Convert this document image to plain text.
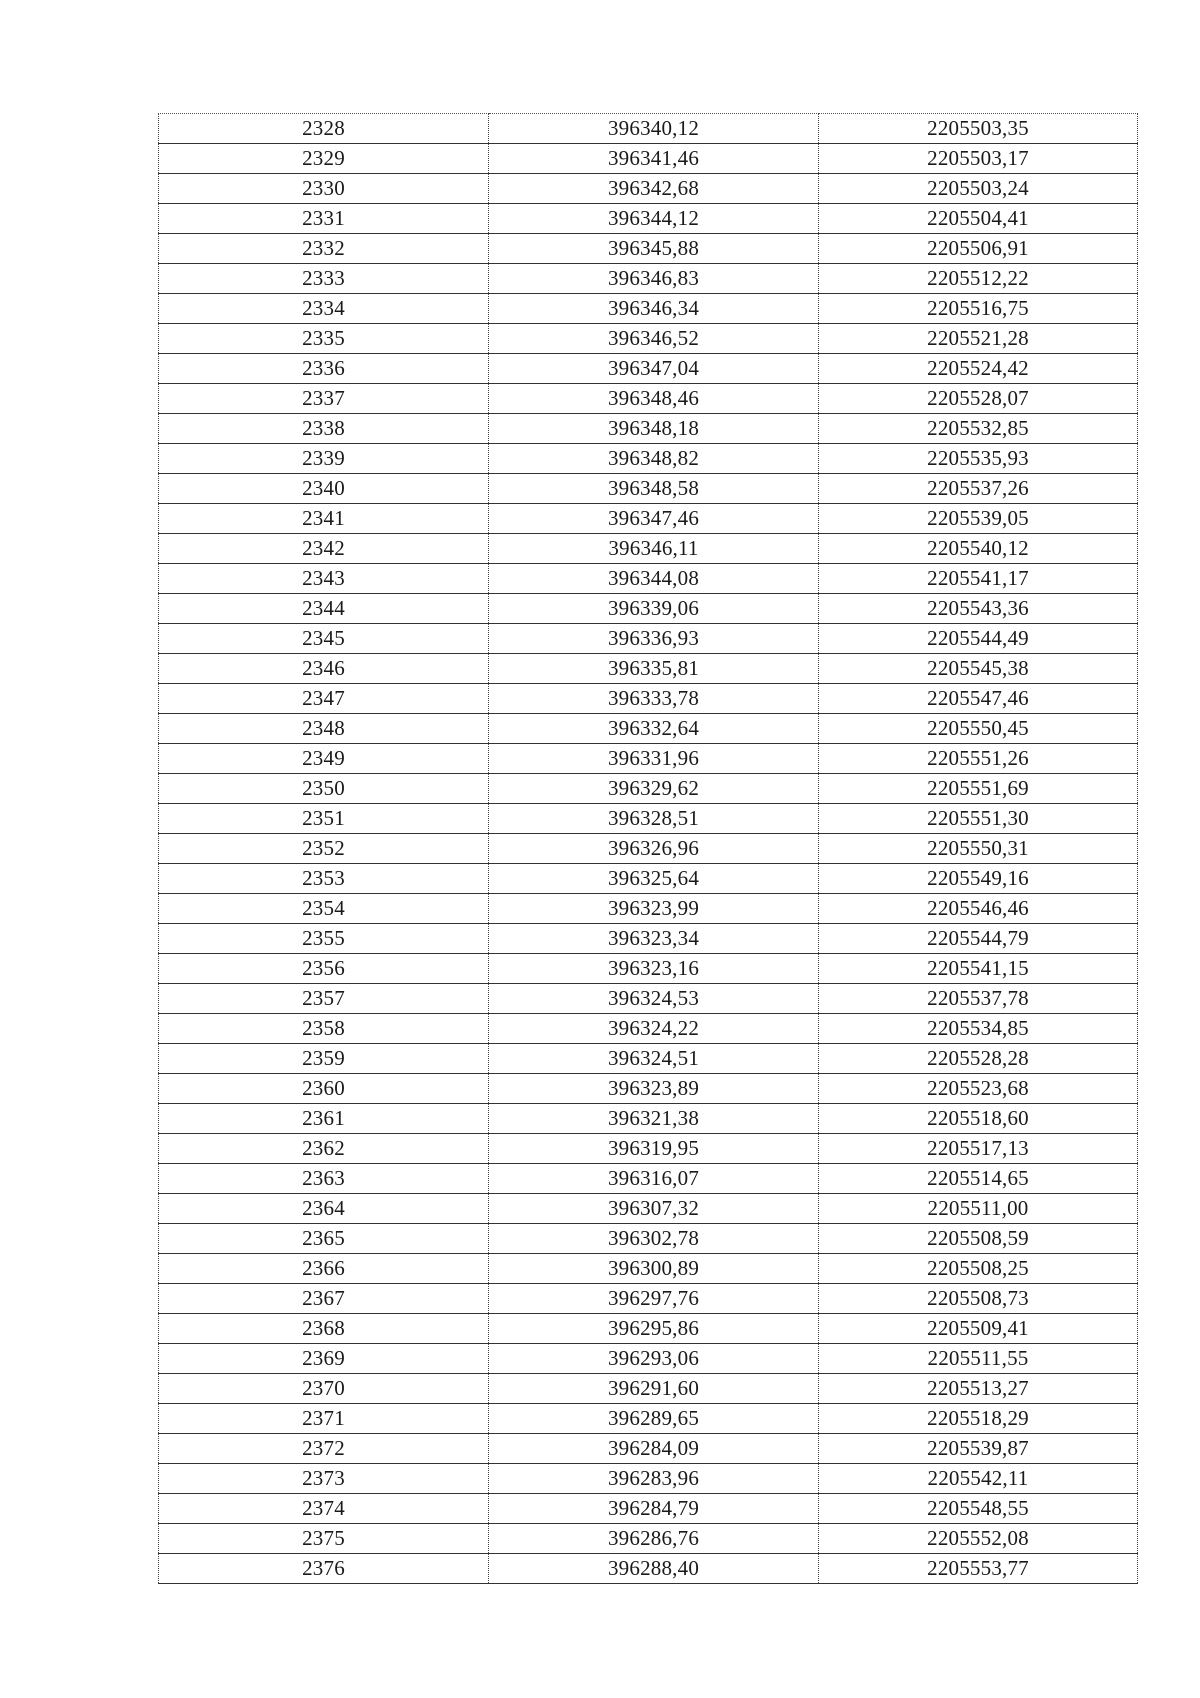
2328	396340,12	2205503,35
2329	396341,46	2205503,17
2330	396342,68	2205503,24
2331	396344,12	2205504,41
2332	396345,88	2205506,91
2333	396346,83	2205512,22
2334	396346,34	2205516,75
2335	396346,52	2205521,28
2336	396347,04	2205524,42
2337	396348,46	2205528,07
2338	396348,18	2205532,85
2339	396348,82	2205535,93
2340	396348,58	2205537,26
2341	396347,46	2205539,05
2342	396346,11	2205540,12
2343	396344,08	2205541,17
2344	396339,06	2205543,36
2345	396336,93	2205544,49
2346	396335,81	2205545,38
2347	396333,78	2205547,46
2348	396332,64	2205550,45
2349	396331,96	2205551,26
2350	396329,62	2205551,69
2351	396328,51	2205551,30
2352	396326,96	2205550,31
2353	396325,64	2205549,16
2354	396323,99	2205546,46
2355	396323,34	2205544,79
2356	396323,16	2205541,15
2357	396324,53	2205537,78
2358	396324,22	2205534,85
2359	396324,51	2205528,28
2360	396323,89	2205523,68
2361	396321,38	2205518,60
2362	396319,95	2205517,13
2363	396316,07	2205514,65
2364	396307,32	2205511,00
2365	396302,78	2205508,59
2366	396300,89	2205508,25
2367	396297,76	2205508,73
2368	396295,86	2205509,41
2369	396293,06	2205511,55
2370	396291,60	2205513,27
2371	396289,65	2205518,29
2372	396284,09	2205539,87
2373	396283,96	2205542,11
2374	396284,79	2205548,55
2375	396286,76	2205552,08
2376	396288,40	2205553,77
